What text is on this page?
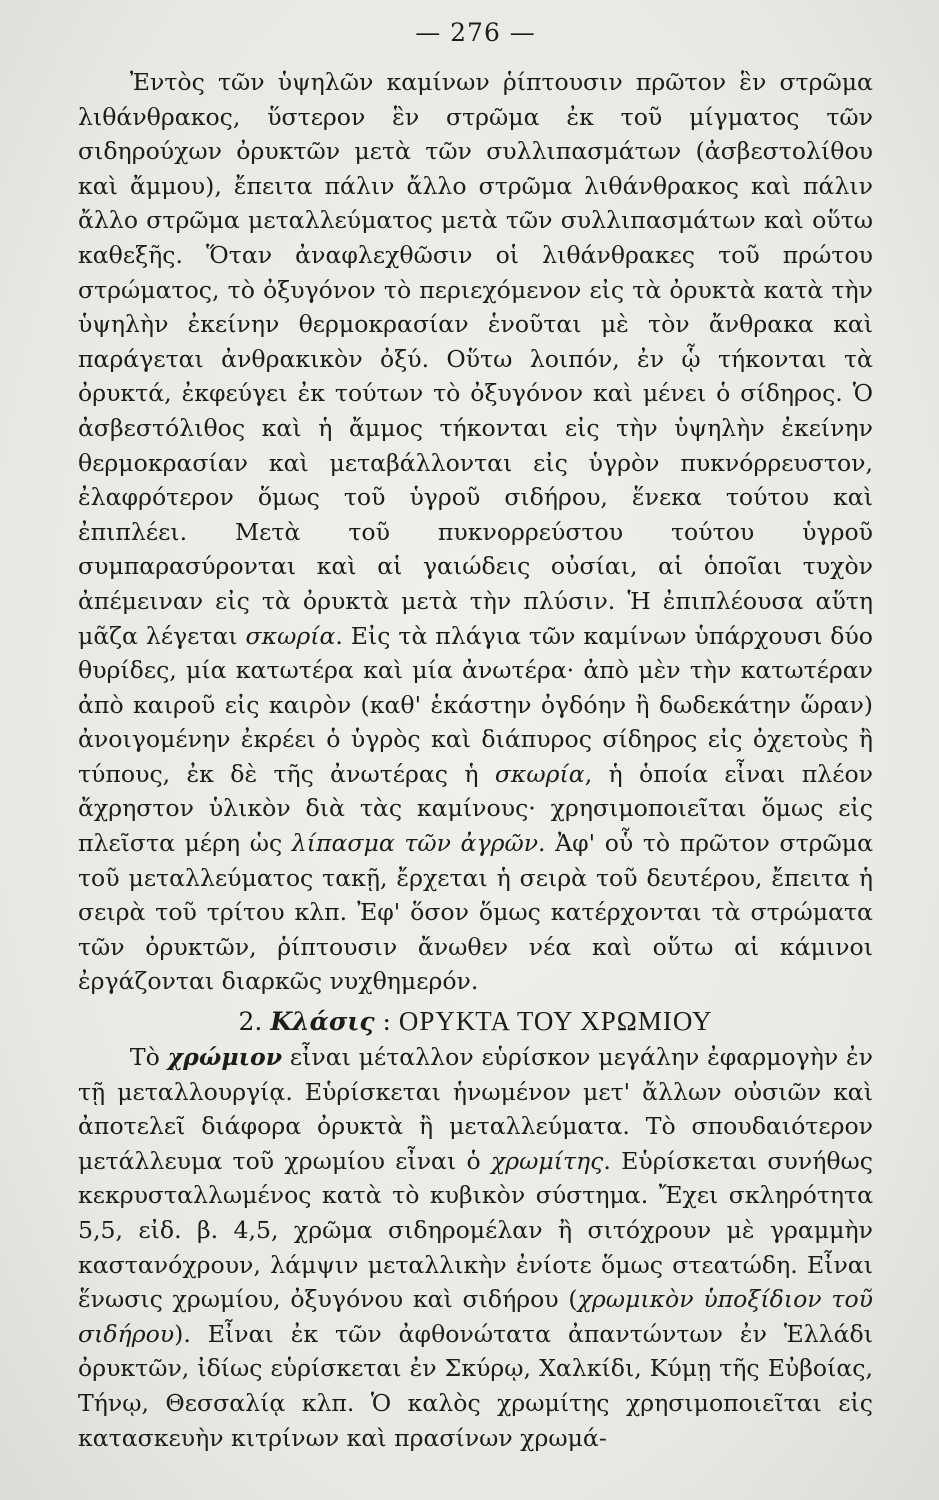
— 276 —

Ἐντὸς τῶν ὑψηλῶν καμίνων ῥίπτουσιν πρῶτον ἓν στρῶμα λιθάνθρακος, ὕστερον ἓν στρῶμα ἐκ τοῦ μίγματος τῶν σιδηρούχων ὀρυκτῶν μετὰ τῶν συλλιπασμάτων (ἀσβεστολίθου καὶ ἄμμου), ἔπειτα πάλιν ἄλλο στρῶμα λιθάνθρακος καὶ πάλιν ἄλλο στρῶμα μεταλλεύματος μετὰ τῶν συλλιπασμάτων καὶ οὕτω καθεξῆς. Ὅταν ἀναφλεχθῶσιν οἱ λιθάνθρακες τοῦ πρώτου στρώματος, τὸ ὀξυγόνον τὸ περιεχόμενον εἰς τὰ ὀρυκτὰ κατὰ τὴν ὑψηλὴν ἐκείνην θερμοκρασίαν ἑνοῦται μὲ τὸν ἄνθρακα καὶ παράγεται ἀνθρακικὸν ὀξύ. Οὕτω λοιπόν, ἐν ᾧ τήκονται τὰ ὀρυκτά, ἐκφεύγει ἐκ τούτων τὸ ὀξυγόνον καὶ μένει ὁ σίδηρος. Ὁ ἀσβεστόλιθος καὶ ἡ ἄμμος τήκονται εἰς τὴν ὑψηλὴν ἐκείνην θερμοκρασίαν καὶ μεταβάλλονται εἰς ὑγρὸν πυκνόρρευστον, ἐλαφρότερον ὅμως τοῦ ὑγροῦ σιδήρου, ἕνεκα τούτου καὶ ἐπιπλέει. Μετὰ τοῦ πυκνορρεύστου τούτου ὑγροῦ συμπαρασύρονται καὶ αἱ γαιώδεις οὐσίαι, αἱ ὁποῖαι τυχὸν ἀπέμειναν εἰς τὰ ὀρυκτὰ μετὰ τὴν πλύσιν. Ἡ ἐπιπλέουσα αὕτη μᾶζα λέγεται σκωρία. Εἰς τὰ πλάγια τῶν καμίνων ὑπάρχουσι δύο θυρίδες, μία κατωτέρα καὶ μία ἀνωτέρα· ἀπὸ μὲν τὴν κατωτέραν ἀπὸ καιροῦ εἰς καιρὸν (καθ' ἑκάστην ὀγδόην ἢ δωδεκάτην ὥραν) ἀνοιγομένην ἐκρέει ὁ ὑγρὸς καὶ διάπυρος σίδηρος εἰς ὀχετοὺς ἢ τύπους, ἐκ δὲ τῆς ἀνωτέρας ἡ σκωρία, ἡ ὁποία εἶναι πλέον ἄχρηστον ὑλικὸν διὰ τὰς καμίνους· χρησιμοποιεῖται ὅμως εἰς πλεῖστα μέρη ὡς λίπασμα τῶν ἀγρῶν. Ἀφ' οὗ τὸ πρῶτον στρῶμα τοῦ μεταλλεύματος τακῇ, ἔρχεται ἡ σειρὰ τοῦ δευτέρου, ἔπειτα ἡ σειρὰ τοῦ τρίτου κλπ. Ἐφ' ὅσον ὅμως κατέρχονται τὰ στρώματα τῶν ὀρυκτῶν, ῥίπτουσιν ἄνωθεν νέα καὶ οὕτω αἱ κάμινοι ἐργάζονται διαρκῶς νυχθημερόν.

2. Κλάσις : ΟΡΥΚΤΑ ΤΟΥ ΧΡΩΜΙΟΥ

Τὸ χρώμιον εἶναι μέταλλον εὑρίσκον μεγάλην ἐφαρμογὴν ἐν τῇ μεταλλουργίᾳ. Εὑρίσκεται ἡνωμένον μετ' ἄλλων οὐσιῶν καὶ ἀποτελεῖ διάφορα ὀρυκτὰ ἢ μεταλλεύματα. Τὸ σπουδαιότερον μετάλλευμα τοῦ χρωμίου εἶναι ὁ χρωμίτης. Εὑρίσκεται συνήθως κεκρυσταλλωμένος κατὰ τὸ κυβικὸν σύστημα. Ἔχει σκληρότητα 5,5, εἰδ. β. 4,5, χρῶμα σιδηρομέλαν ἢ σιτόχρουν μὲ γραμμὴν καστανόχρουν, λάμψιν μεταλλικὴν ἐνίοτε ὅμως στεατώδη. Εἶναι ἕνωσις χρωμίου, ὀξυγόνου καὶ σιδήρου (χρωμικὸν ὑποξίδιον τοῦ σιδήρου). Εἶναι ἐκ τῶν ἀφθονώτατα ἀπαντώντων ἐν Ἑλλάδι ὀρυκτῶν, ἰδίως εὑρίσκεται ἐν Σκύρῳ, Χαλκίδι, Κύμῃ τῆς Εὐβοίας, Τήνῳ, Θεσσαλίᾳ κλπ. Ὁ καλὸς χρωμίτης χρησιμοποιεῖται εἰς κατασκευὴν κιτρίνων καὶ πρασίνων χρωμά-
